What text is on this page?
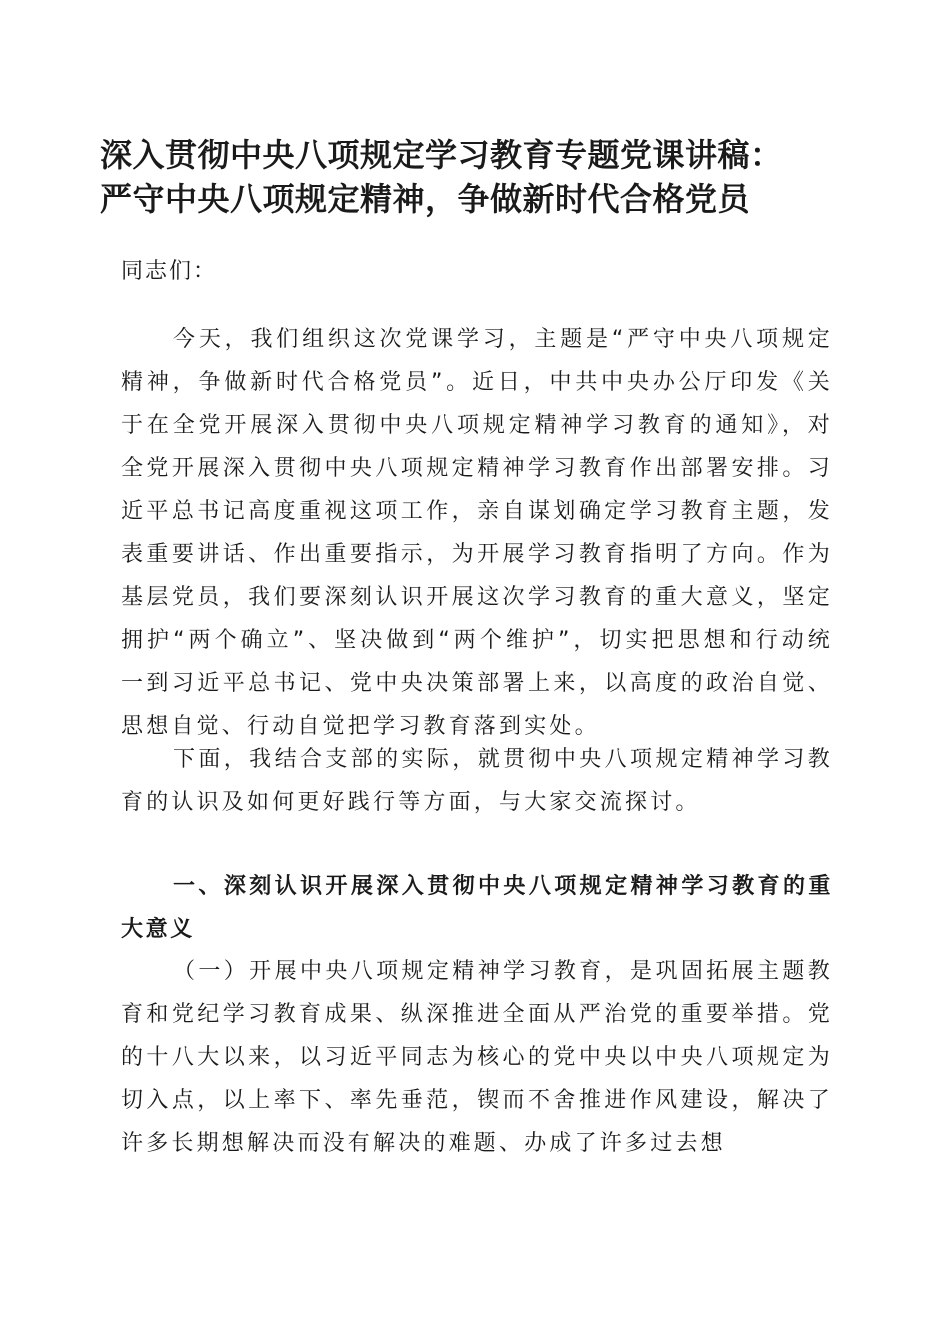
深入贯彻中央八项规定学习教育专题党课讲稿：
严守中央八项规定精神，争做新时代合格党员
同志们：

今天，我们组织这次党课学习，主题是“严守中央八项规定精神，争做新时代合格党员”。近日，中共中央办公厅印发《关于在全党开展深入贯彻中央八项规定精神学习教育的通知》，对全党开展深入贯彻中央八项规定精神学习教育作出部署安排。习近平总书记高度重视这项工作，亲自谋划确定学习教育主题，发表重要讲话、作出重要指示，为开展学习教育指明了方向。作为基层党员，我们要深刻认识开展这次学习教育的重大意义，坚定拥护“两个确立”、坚决做到“两个维护”，切实把思想和行动统一到习近平总书记、党中央决策部署上来，以高度的政治自觉、思想自觉、行动自觉把学习教育落到实处。

下面，我结合支部的实际，就贯彻中央八项规定精神学习教育的认识及如何更好践行等方面，与大家交流探讨。

一、深刻认识开展深入贯彻中央八项规定精神学习教育的重大意义

（一）开展中央八项规定精神学习教育，是巩固拓展主题教育和党纪学习教育成果、纵深推进全面从严治党的重要举措。党的十八大以来，以习近平同志为核心的党中央以中央八项规定为切入点，以上率下、率先垂范，锲而不舍推进作风建设，解决了许多长期想解决而没有解决的难题、办成了许多过去想
